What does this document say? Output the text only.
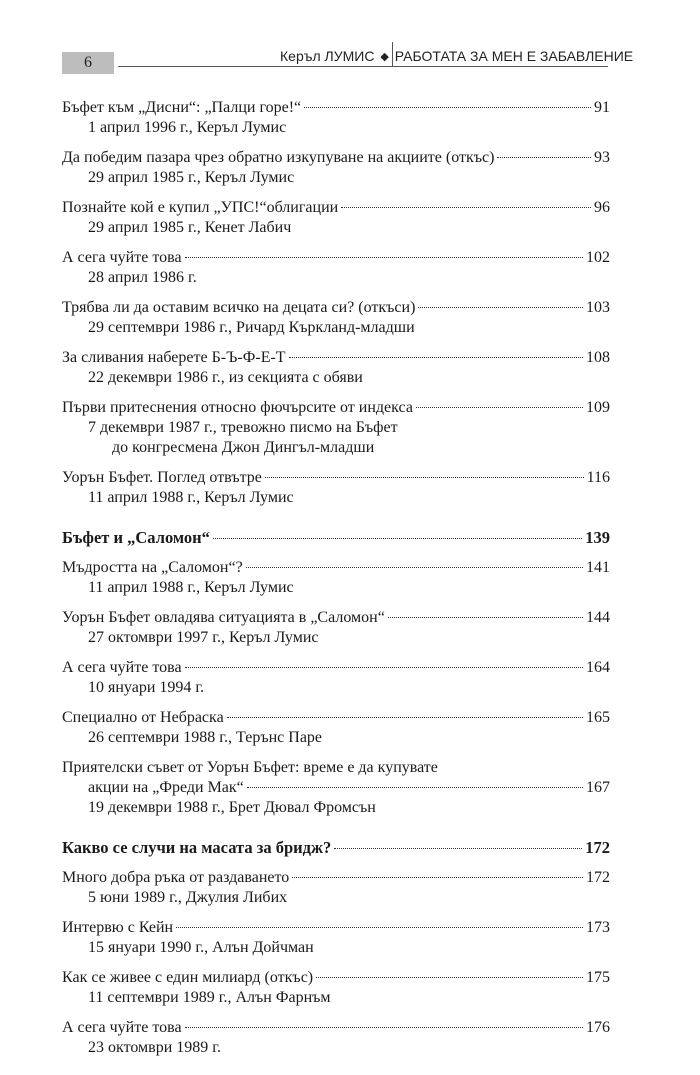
6	Керъл ЛУМИС ◆ РАБОТАТА ЗА МЕН Е ЗАБАВЛЕНИЕ
Бъфет към „Дисни“: „Палци горе!“	91
1 април 1996 г., Керъл Лумис
Да победим пазара чрез обратно изкупуване на акциите (откъс)	93
29 април 1985 г., Керъл Лумис
Познайте кой е купил „УПС!“облигации	96
29 април 1985 г., Кенет Лабич
А сега чуйте това	102
28 април 1986 г.
Трябва ли да оставим всичко на децата си? (откъси)	103
29 септември 1986 г., Ричард Къркланд-младши
За сливания наберете Б-Ъ-Ф-Е-Т	108
22 декември 1986 г., из секцията с обяви
Първи притеснения относно фючърсите от индекса	109
7 декември 1987 г., тревожно писмо на Бъфет
до конгресмена Джон Дингъл-младши
Уорън Бъфет. Поглед отвътре	116
11 април 1988 г., Керъл Лумис
Бъфет и „Саломон“	139
Мъдростта на „Саломон“?	141
11 април 1988 г., Керъл Лумис
Уорън Бъфет овладява ситуацията в „Саломон“	144
27 октомври 1997 г., Керъл Лумис
А сега чуйте това	164
10 януари 1994 г.
Специално от Небраска	165
26 септември 1988 г., Терънс Паре
Приятелски съвет от Уорън Бъфет: време е да купувате
акции на „Фреди Мак“	167
19 декември 1988 г., Брет Дювал Фромсън
Какво се случи на масата за бридж?	172
Много добра ръка от раздаването	172
5 юни 1989 г., Джулия Либих
Интервю с Кейн	173
15 януари 1990 г., Алън Дойчман
Как се живее с един милиард (откъс)	175
11 септември 1989 г., Алън Фарнъм
А сега чуйте това	176
23 октомври 1989 г.
